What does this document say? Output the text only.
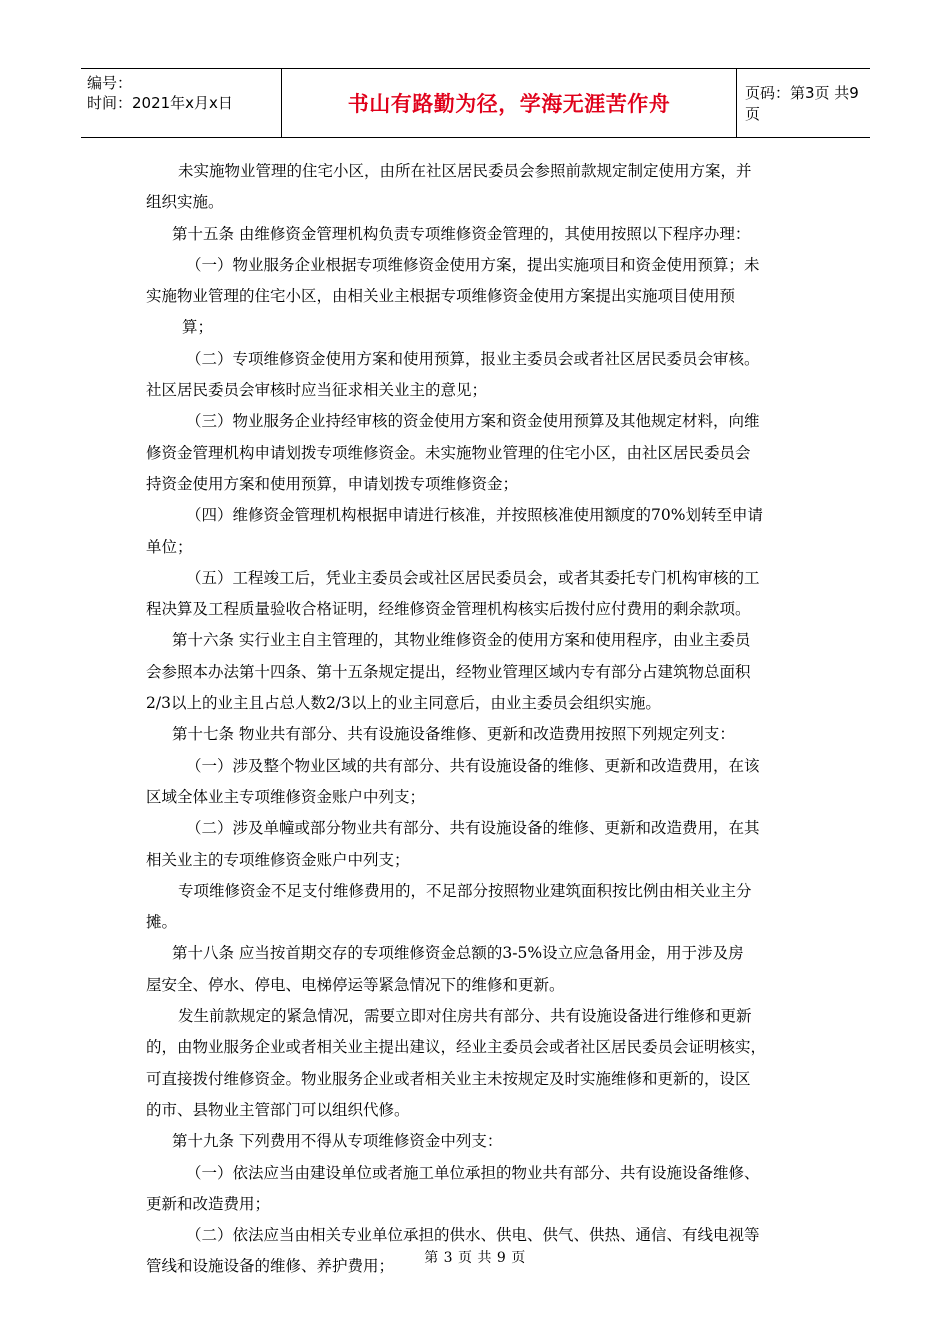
编号：
时间：2021年x月x日	书山有路勤为径，学海无涯苦作舟	页码：第3页 共9页
未实施物业管理的住宅小区，由所在社区居民委员会参照前款规定制定使用方案，并
组织实施。
第十五条 由维修资金管理机构负责专项维修资金管理的，其使用按照以下程序办理：
（一）物业服务企业根据专项维修资金使用方案，提出实施项目和资金使用预算；未
实施物业管理的住宅小区，由相关业主根据专项维修资金使用方案提出实施项目使用预
算；
（二）专项维修资金使用方案和使用预算，报业主委员会或者社区居民委员会审核。
社区居民委员会审核时应当征求相关业主的意见；
（三）物业服务企业持经审核的资金使用方案和资金使用预算及其他规定材料，向维
修资金管理机构申请划拨专项维修资金。未实施物业管理的住宅小区，由社区居民委员会
持资金使用方案和使用预算，申请划拨专项维修资金；
（四）维修资金管理机构根据申请进行核准，并按照核准使用额度的70%划转至申请
单位；
（五）工程竣工后，凭业主委员会或社区居民委员会，或者其委托专门机构审核的工
程决算及工程质量验收合格证明，经维修资金管理机构核实后拨付应付费用的剩余款项。
第十六条 实行业主自主管理的，其物业维修资金的使用方案和使用程序，由业主委员
会参照本办法第十四条、第十五条规定提出，经物业管理区域内专有部分占建筑物总面积
2/3以上的业主且占总人数2/3以上的业主同意后，由业主委员会组织实施。
第十七条 物业共有部分、共有设施设备维修、更新和改造费用按照下列规定列支：
（一）涉及整个物业区域的共有部分、共有设施设备的维修、更新和改造费用，在该
区域全体业主专项维修资金账户中列支；
（二）涉及单幢或部分物业共有部分、共有设施设备的维修、更新和改造费用，在其
相关业主的专项维修资金账户中列支；
专项维修资金不足支付维修费用的，不足部分按照物业建筑面积按比例由相关业主分
摊。
第十八条 应当按首期交存的专项维修资金总额的3-5%设立应急备用金，用于涉及房
屋安全、停水、停电、电梯停运等紧急情况下的维修和更新。
发生前款规定的紧急情况，需要立即对住房共有部分、共有设施设备进行维修和更新
的，由物业服务企业或者相关业主提出建议，经业主委员会或者社区居民委员会证明核实，
可直接拨付维修资金。物业服务企业或者相关业主未按规定及时实施维修和更新的，设区
的市、县物业主管部门可以组织代修。
第十九条 下列费用不得从专项维修资金中列支：
（一）依法应当由建设单位或者施工单位承担的物业共有部分、共有设施设备维修、
更新和改造费用；
（二）依法应当由相关专业单位承担的供水、供电、供气、供热、通信、有线电视等
管线和设施设备的维修、养护费用；	第 3 页 共 9 页
